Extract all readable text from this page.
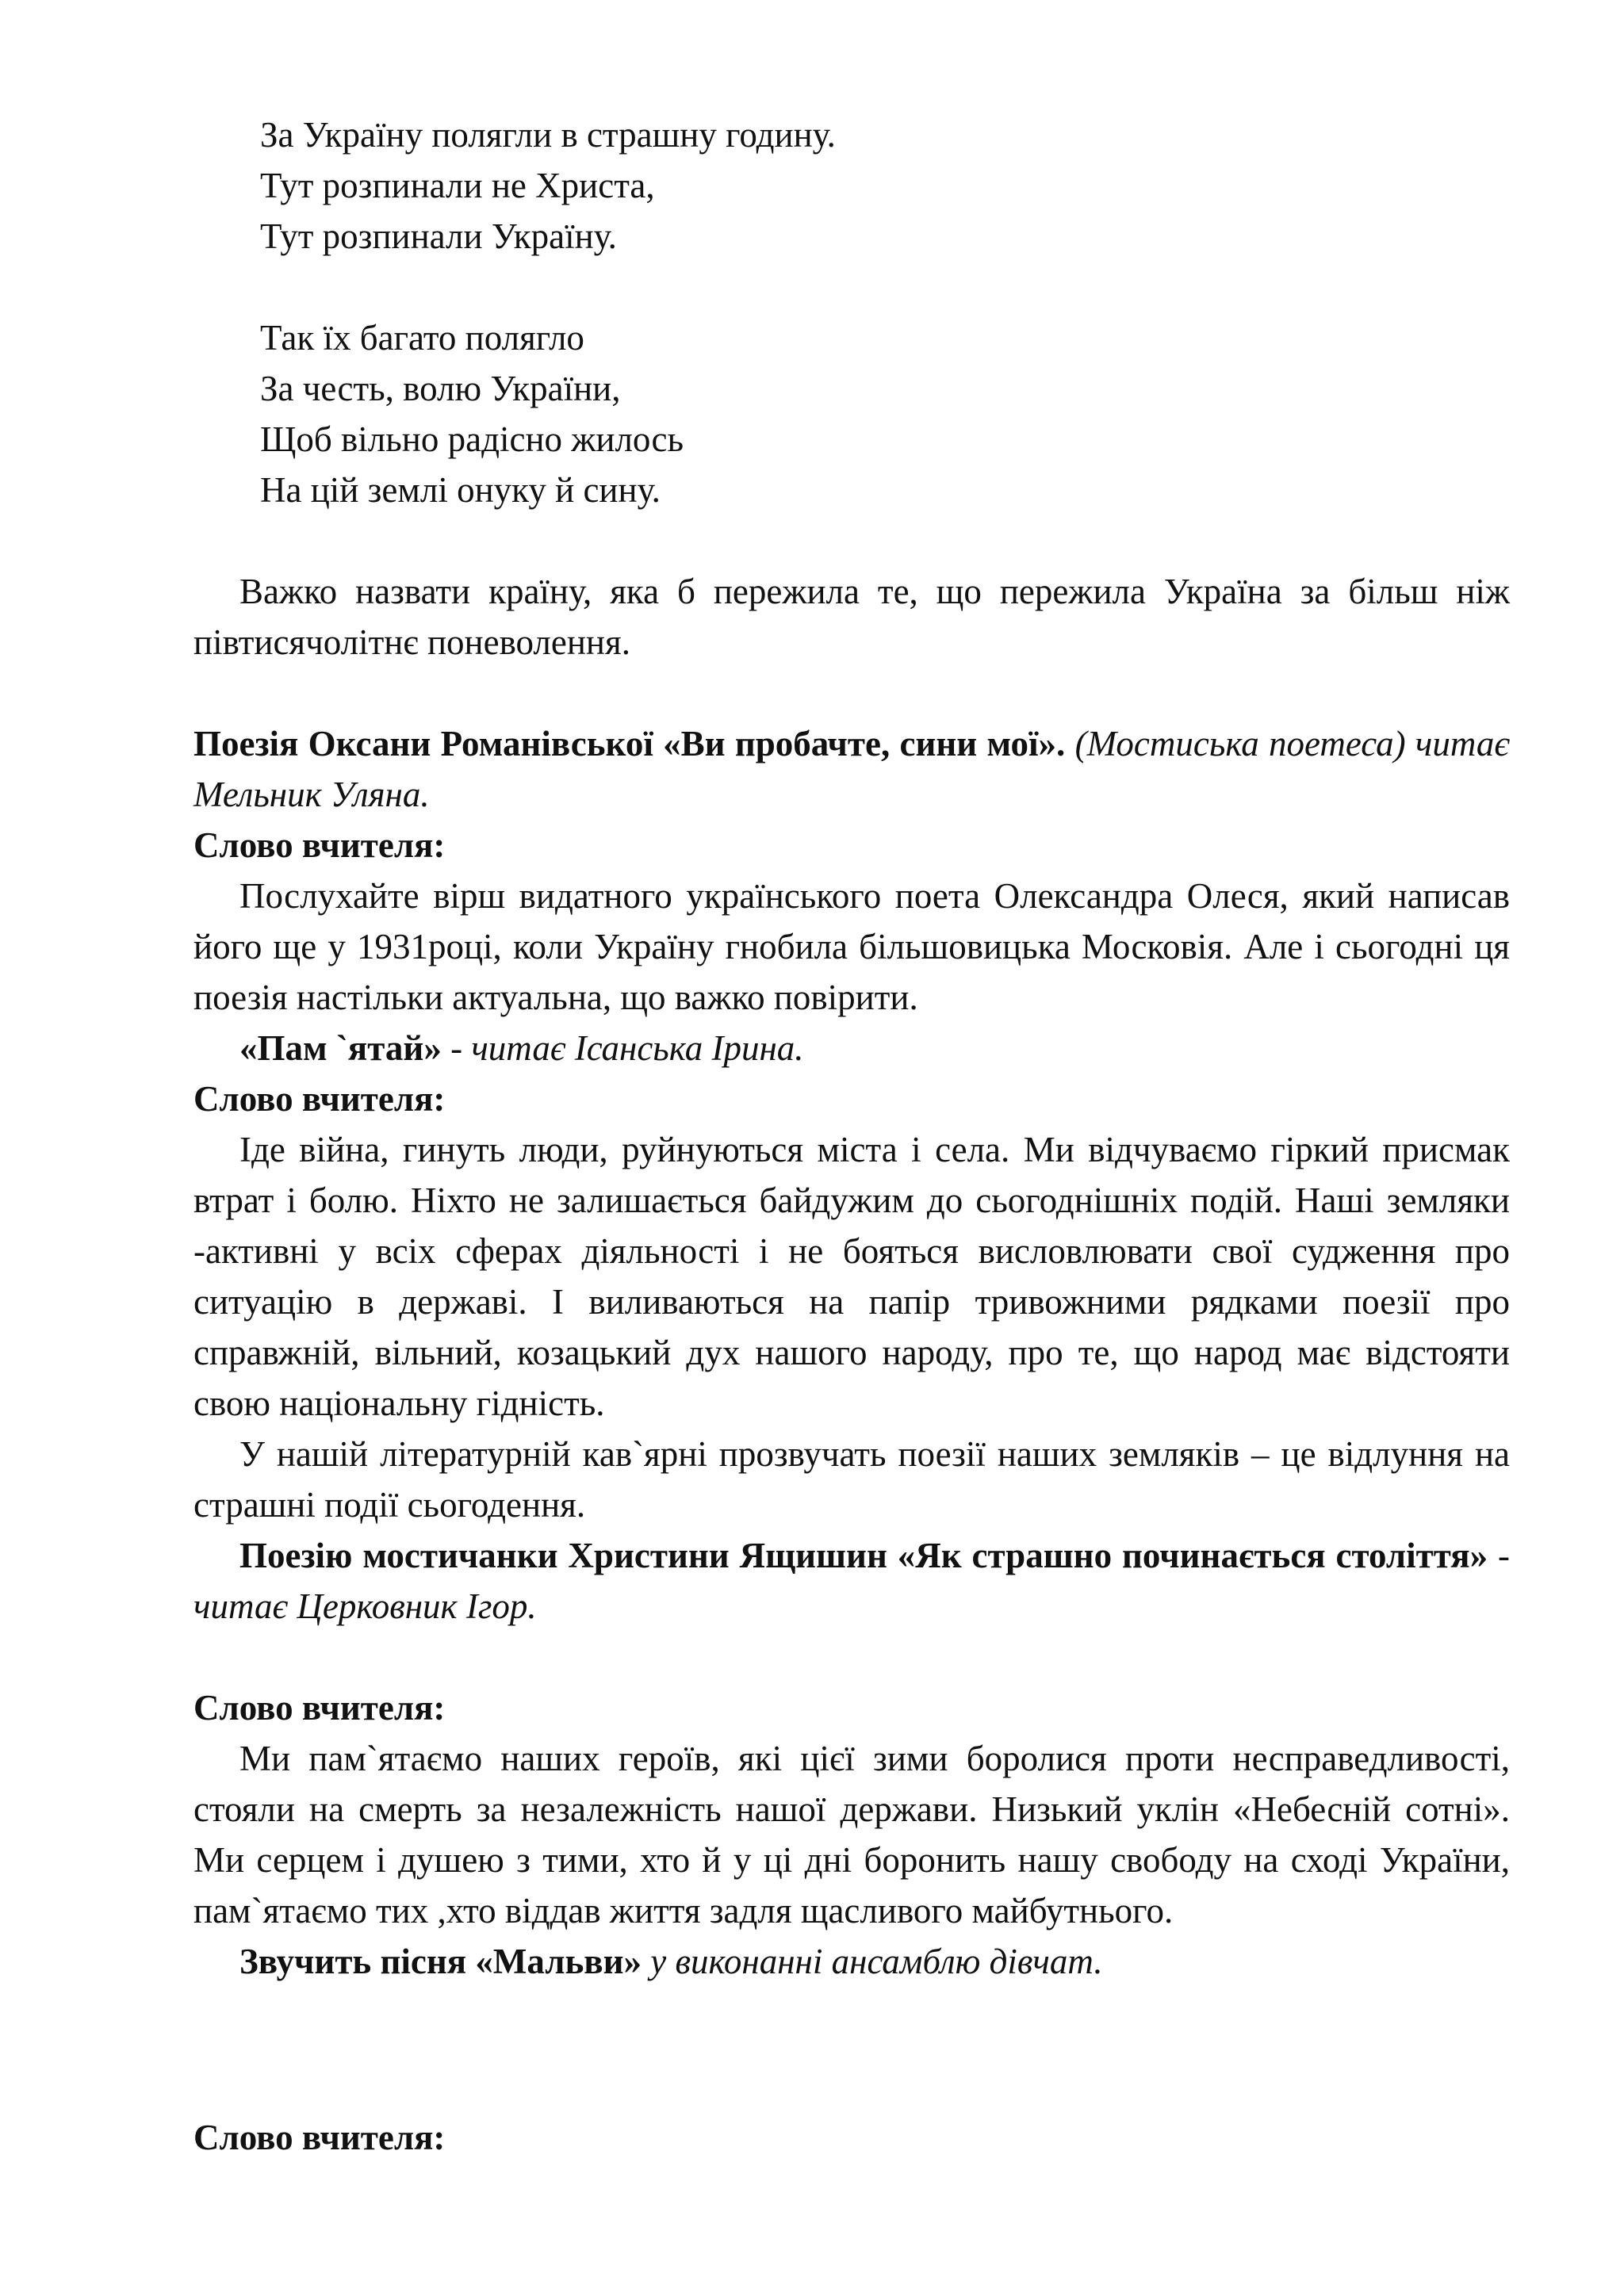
За Україну полягли в страшну годину.
Тут розпинали не Христа,
Тут розпинали Україну.
Так їх багато полягло
За честь, волю України,
Щоб вільно радісно жилось
На цій землі онуку й сину.

Важко назвати країну, яка б пережила те, що пережила Україна за більш ніж півтисячолітнє поневолення.

Поезія Оксани Романівської «Ви пробачте, сини мої». (Мостиська поетеса) читає Мельник Уляна.

Слово вчителя:

Послухайте вірш видатного українського поета Олександра Олеся, який написав його ще у 1931році, коли Україну гнобила більшовицька Московія. Але і сьогодні ця поезія настільки актуальна, що важко повірити.

«Пам `ятай» - читає Ісанська Ірина.

Слово вчителя:

Іде війна, гинуть люди, руйнуються міста і села. Ми відчуваємо гіркий присмак втрат і болю. Ніхто не залишається байдужим до сьогоднішніх подій. Наші земляки -активні у всіх сферах діяльності і не бояться висловлювати свої судження про ситуацію в державі. І виливаються на папір тривожними рядками поезії про справжній, вільний, козацький дух нашого народу, про те, що народ має відстояти свою національну гідність.

У нашій літературній кав`ярні прозвучать поезії наших земляків – це відлуння на страшні події сьогодення.

Поезію мостичанки Христини Ящишин «Як страшно починається століття» - читає Церковник Ігор.

Слово вчителя:

Ми пам`ятаємо наших героїв, які цієї зими боролися проти несправедливості, стояли на смерть за незалежність нашої держави. Низький уклін «Небесній сотні». Ми серцем і душею з тими, хто й у ці дні боронить нашу свободу на сході України, пам`ятаємо тих ,хто віддав життя задля щасливого майбутнього.

Звучить пісня «Мальви» у виконанні ансамблю дівчат.

Слово вчителя:
